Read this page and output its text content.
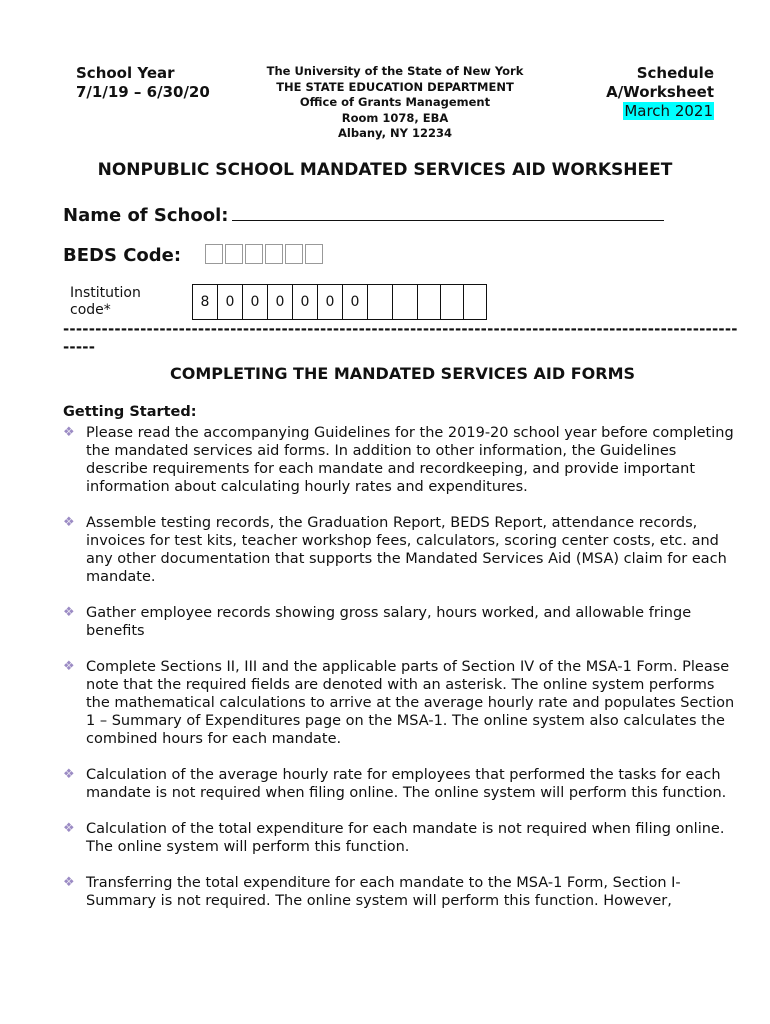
School Year
7/1/19 – 6/30/20
The University of the State of New York
THE STATE EDUCATION DEPARTMENT
Office of Grants Management
Room 1078, EBA
Albany, NY 12234
Schedule
A/Worksheet
March 2021
NONPUBLIC SCHOOL MANDATED SERVICES AID WORKSHEET
Name of School:
BEDS Code:
Institution
code*	8	0	0	0	0	0	0
--------------------------------------------------------------------------------------------------------------
COMPLETING THE MANDATED SERVICES AID FORMS
Getting Started:
❖ Please read the accompanying Guidelines for the 2019-20 school year before completing the mandated services aid forms. In addition to other information, the Guidelines describe requirements for each mandate and recordkeeping, and provide important information about calculating hourly rates and expenditures.
❖ Assemble testing records, the Graduation Report, BEDS Report, attendance records, invoices for test kits, teacher workshop fees, calculators, scoring center costs, etc. and any other documentation that supports the Mandated Services Aid (MSA) claim for each mandate.
❖ Gather employee records showing gross salary, hours worked, and allowable fringe benefits
❖ Complete Sections II, III and the applicable parts of Section IV of the MSA-1 Form. Please note that the required fields are denoted with an asterisk. The online system performs the mathematical calculations to arrive at the average hourly rate and populates Section 1 – Summary of Expenditures page on the MSA-1. The online system also calculates the combined hours for each mandate.
❖ Calculation of the average hourly rate for employees that performed the tasks for each mandate is not required when filing online. The online system will perform this function.
❖ Calculation of the total expenditure for each mandate is not required when filing online. The online system will perform this function.
❖ Transferring the total expenditure for each mandate to the MSA-1 Form, Section I- Summary is not required. The online system will perform this function. However,
